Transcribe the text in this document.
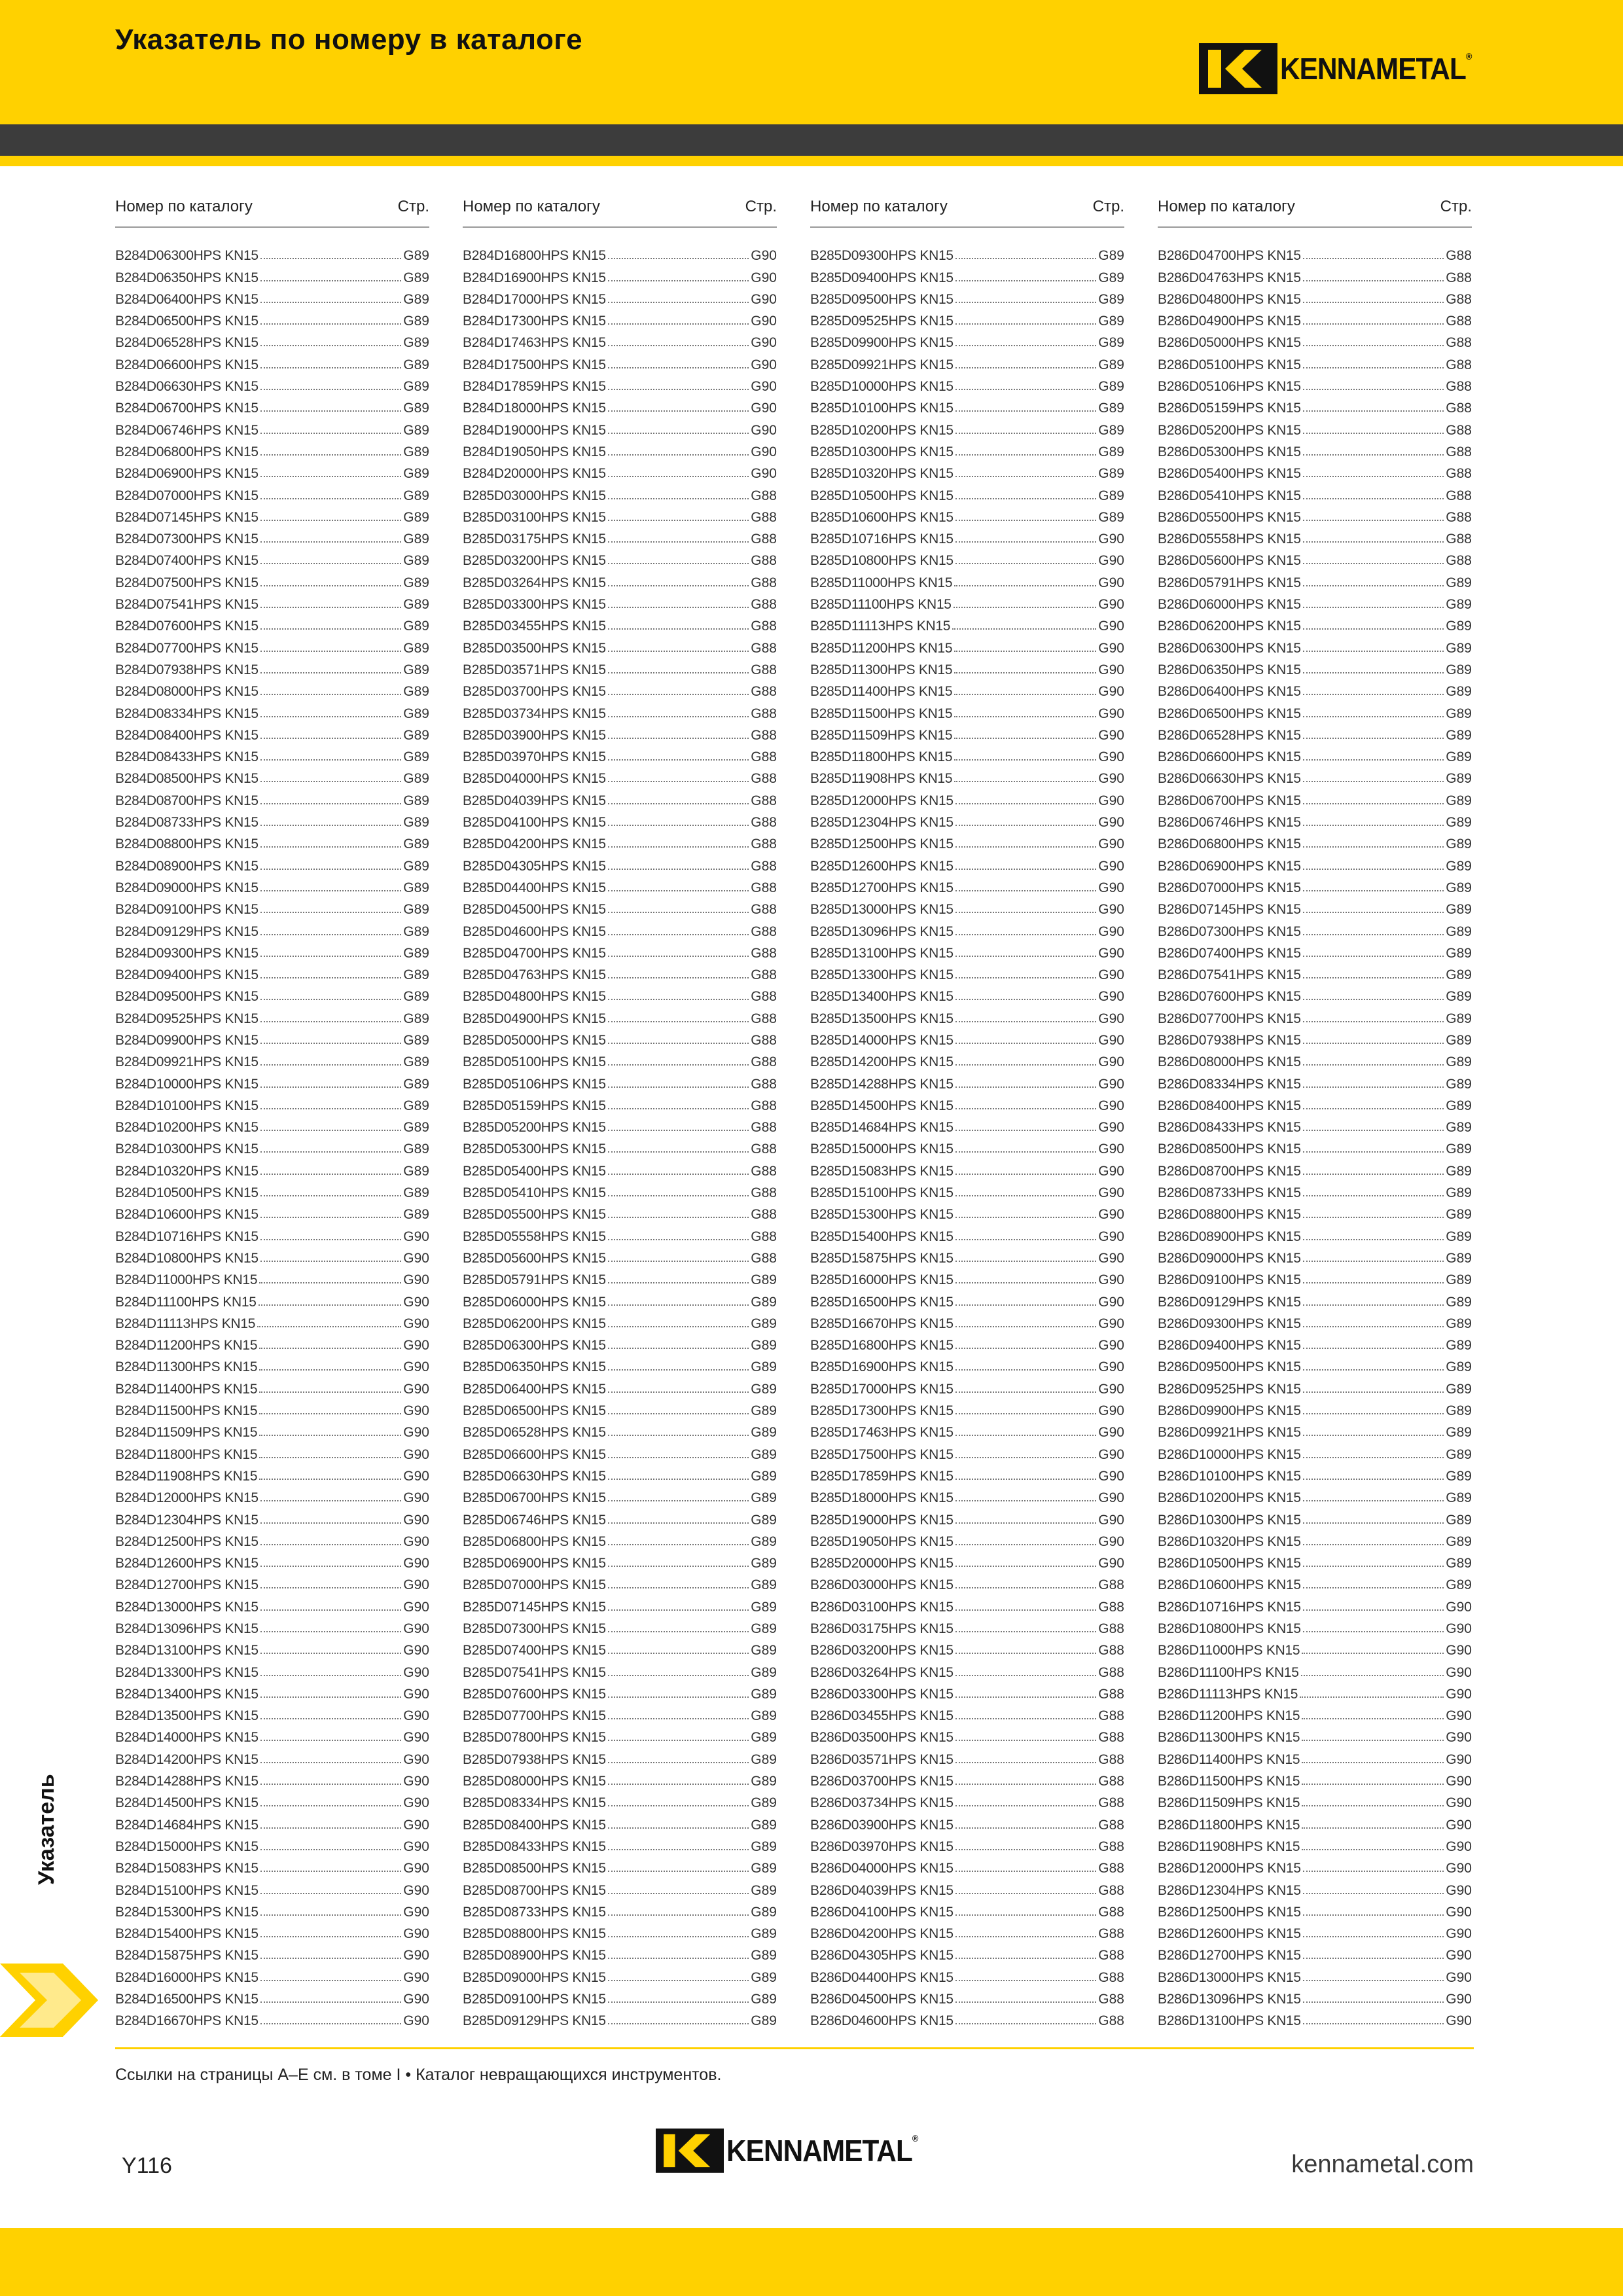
Указатель по номеру в каталоге
KENNAMETAL®
Номер по каталогу	Стр.
B284D06300HPS KN15	G89
B284D06350HPS KN15	G89
B284D06400HPS KN15	G89
B284D06500HPS KN15	G89
B284D06528HPS KN15	G89
B284D06600HPS KN15	G89
B284D06630HPS KN15	G89
B284D06700HPS KN15	G89
B284D06746HPS KN15	G89
B284D06800HPS KN15	G89
B284D06900HPS KN15	G89
B284D07000HPS KN15	G89
B284D07145HPS KN15	G89
B284D07300HPS KN15	G89
B284D07400HPS KN15	G89
B284D07500HPS KN15	G89
B284D07541HPS KN15	G89
B284D07600HPS KN15	G89
B284D07700HPS KN15	G89
B284D07938HPS KN15	G89
B284D08000HPS KN15	G89
B284D08334HPS KN15	G89
B284D08400HPS KN15	G89
B284D08433HPS KN15	G89
B284D08500HPS KN15	G89
B284D08700HPS KN15	G89
B284D08733HPS KN15	G89
B284D08800HPS KN15	G89
B284D08900HPS KN15	G89
B284D09000HPS KN15	G89
B284D09100HPS KN15	G89
B284D09129HPS KN15	G89
B284D09300HPS KN15	G89
B284D09400HPS KN15	G89
B284D09500HPS KN15	G89
B284D09525HPS KN15	G89
B284D09900HPS KN15	G89
B284D09921HPS KN15	G89
B284D10000HPS KN15	G89
B284D10100HPS KN15	G89
B284D10200HPS KN15	G89
B284D10300HPS KN15	G89
B284D10320HPS KN15	G89
B284D10500HPS KN15	G89
B284D10600HPS KN15	G89
B284D10716HPS KN15	G90
B284D10800HPS KN15	G90
B284D11000HPS KN15	G90
B284D11100HPS KN15	G90
B284D11113HPS KN15	G90
B284D11200HPS KN15	G90
B284D11300HPS KN15	G90
B284D11400HPS KN15	G90
B284D11500HPS KN15	G90
B284D11509HPS KN15	G90
B284D11800HPS KN15	G90
B284D11908HPS KN15	G90
B284D12000HPS KN15	G90
B284D12304HPS KN15	G90
B284D12500HPS KN15	G90
B284D12600HPS KN15	G90
B284D12700HPS KN15	G90
B284D13000HPS KN15	G90
B284D13096HPS KN15	G90
B284D13100HPS KN15	G90
B284D13300HPS KN15	G90
B284D13400HPS KN15	G90
B284D13500HPS KN15	G90
B284D14000HPS KN15	G90
B284D14200HPS KN15	G90
B284D14288HPS KN15	G90
B284D14500HPS KN15	G90
B284D14684HPS KN15	G90
B284D15000HPS KN15	G90
B284D15083HPS KN15	G90
B284D15100HPS KN15	G90
B284D15300HPS KN15	G90
B284D15400HPS KN15	G90
B284D15875HPS KN15	G90
B284D16000HPS KN15	G90
B284D16500HPS KN15	G90
B284D16670HPS KN15	G90
Номер по каталогу	Стр.
B284D16800HPS KN15	G90
B284D16900HPS KN15	G90
B284D17000HPS KN15	G90
B284D17300HPS KN15	G90
B284D17463HPS KN15	G90
B284D17500HPS KN15	G90
B284D17859HPS KN15	G90
B284D18000HPS KN15	G90
B284D19000HPS KN15	G90
B284D19050HPS KN15	G90
B284D20000HPS KN15	G90
B285D03000HPS KN15	G88
B285D03100HPS KN15	G88
B285D03175HPS KN15	G88
B285D03200HPS KN15	G88
B285D03264HPS KN15	G88
B285D03300HPS KN15	G88
B285D03455HPS KN15	G88
B285D03500HPS KN15	G88
B285D03571HPS KN15	G88
B285D03700HPS KN15	G88
B285D03734HPS KN15	G88
B285D03900HPS KN15	G88
B285D03970HPS KN15	G88
B285D04000HPS KN15	G88
B285D04039HPS KN15	G88
B285D04100HPS KN15	G88
B285D04200HPS KN15	G88
B285D04305HPS KN15	G88
B285D04400HPS KN15	G88
B285D04500HPS KN15	G88
B285D04600HPS KN15	G88
B285D04700HPS KN15	G88
B285D04763HPS KN15	G88
B285D04800HPS KN15	G88
B285D04900HPS KN15	G88
B285D05000HPS KN15	G88
B285D05100HPS KN15	G88
B285D05106HPS KN15	G88
B285D05159HPS KN15	G88
B285D05200HPS KN15	G88
B285D05300HPS KN15	G88
B285D05400HPS KN15	G88
B285D05410HPS KN15	G88
B285D05500HPS KN15	G88
B285D05558HPS KN15	G88
B285D05600HPS KN15	G88
B285D05791HPS KN15	G89
B285D06000HPS KN15	G89
B285D06200HPS KN15	G89
B285D06300HPS KN15	G89
B285D06350HPS KN15	G89
B285D06400HPS KN15	G89
B285D06500HPS KN15	G89
B285D06528HPS KN15	G89
B285D06600HPS KN15	G89
B285D06630HPS KN15	G89
B285D06700HPS KN15	G89
B285D06746HPS KN15	G89
B285D06800HPS KN15	G89
B285D06900HPS KN15	G89
B285D07000HPS KN15	G89
B285D07145HPS KN15	G89
B285D07300HPS KN15	G89
B285D07400HPS KN15	G89
B285D07541HPS KN15	G89
B285D07600HPS KN15	G89
B285D07700HPS KN15	G89
B285D07800HPS KN15	G89
B285D07938HPS KN15	G89
B285D08000HPS KN15	G89
B285D08334HPS KN15	G89
B285D08400HPS KN15	G89
B285D08433HPS KN15	G89
B285D08500HPS KN15	G89
B285D08700HPS KN15	G89
B285D08733HPS KN15	G89
B285D08800HPS KN15	G89
B285D08900HPS KN15	G89
B285D09000HPS KN15	G89
B285D09100HPS KN15	G89
B285D09129HPS KN15	G89
Номер по каталогу	Стр.
B285D09300HPS KN15	G89
B285D09400HPS KN15	G89
B285D09500HPS KN15	G89
B285D09525HPS KN15	G89
B285D09900HPS KN15	G89
B285D09921HPS KN15	G89
B285D10000HPS KN15	G89
B285D10100HPS KN15	G89
B285D10200HPS KN15	G89
B285D10300HPS KN15	G89
B285D10320HPS KN15	G89
B285D10500HPS KN15	G89
B285D10600HPS KN15	G89
B285D10716HPS KN15	G90
B285D10800HPS KN15	G90
B285D11000HPS KN15	G90
B285D11100HPS KN15	G90
B285D11113HPS KN15	G90
B285D11200HPS KN15	G90
B285D11300HPS KN15	G90
B285D11400HPS KN15	G90
B285D11500HPS KN15	G90
B285D11509HPS KN15	G90
B285D11800HPS KN15	G90
B285D11908HPS KN15	G90
B285D12000HPS KN15	G90
B285D12304HPS KN15	G90
B285D12500HPS KN15	G90
B285D12600HPS KN15	G90
B285D12700HPS KN15	G90
B285D13000HPS KN15	G90
B285D13096HPS KN15	G90
B285D13100HPS KN15	G90
B285D13300HPS KN15	G90
B285D13400HPS KN15	G90
B285D13500HPS KN15	G90
B285D14000HPS KN15	G90
B285D14200HPS KN15	G90
B285D14288HPS KN15	G90
B285D14500HPS KN15	G90
B285D14684HPS KN15	G90
B285D15000HPS KN15	G90
B285D15083HPS KN15	G90
B285D15100HPS KN15	G90
B285D15300HPS KN15	G90
B285D15400HPS KN15	G90
B285D15875HPS KN15	G90
B285D16000HPS KN15	G90
B285D16500HPS KN15	G90
B285D16670HPS KN15	G90
B285D16800HPS KN15	G90
B285D16900HPS KN15	G90
B285D17000HPS KN15	G90
B285D17300HPS KN15	G90
B285D17463HPS KN15	G90
B285D17500HPS KN15	G90
B285D17859HPS KN15	G90
B285D18000HPS KN15	G90
B285D19000HPS KN15	G90
B285D19050HPS KN15	G90
B285D20000HPS KN15	G90
B286D03000HPS KN15	G88
B286D03100HPS KN15	G88
B286D03175HPS KN15	G88
B286D03200HPS KN15	G88
B286D03264HPS KN15	G88
B286D03300HPS KN15	G88
B286D03455HPS KN15	G88
B286D03500HPS KN15	G88
B286D03571HPS KN15	G88
B286D03700HPS KN15	G88
B286D03734HPS KN15	G88
B286D03900HPS KN15	G88
B286D03970HPS KN15	G88
B286D04000HPS KN15	G88
B286D04039HPS KN15	G88
B286D04100HPS KN15	G88
B286D04200HPS KN15	G88
B286D04305HPS KN15	G88
B286D04400HPS KN15	G88
B286D04500HPS KN15	G88
B286D04600HPS KN15	G88
Номер по каталогу	Стр.
B286D04700HPS KN15	G88
B286D04763HPS KN15	G88
B286D04800HPS KN15	G88
B286D04900HPS KN15	G88
B286D05000HPS KN15	G88
B286D05100HPS KN15	G88
B286D05106HPS KN15	G88
B286D05159HPS KN15	G88
B286D05200HPS KN15	G88
B286D05300HPS KN15	G88
B286D05400HPS KN15	G88
B286D05410HPS KN15	G88
B286D05500HPS KN15	G88
B286D05558HPS KN15	G88
B286D05600HPS KN15	G88
B286D05791HPS KN15	G89
B286D06000HPS KN15	G89
B286D06200HPS KN15	G89
B286D06300HPS KN15	G89
B286D06350HPS KN15	G89
B286D06400HPS KN15	G89
B286D06500HPS KN15	G89
B286D06528HPS KN15	G89
B286D06600HPS KN15	G89
B286D06630HPS KN15	G89
B286D06700HPS KN15	G89
B286D06746HPS KN15	G89
B286D06800HPS KN15	G89
B286D06900HPS KN15	G89
B286D07000HPS KN15	G89
B286D07145HPS KN15	G89
B286D07300HPS KN15	G89
B286D07400HPS KN15	G89
B286D07541HPS KN15	G89
B286D07600HPS KN15	G89
B286D07700HPS KN15	G89
B286D07938HPS KN15	G89
B286D08000HPS KN15	G89
B286D08334HPS KN15	G89
B286D08400HPS KN15	G89
B286D08433HPS KN15	G89
B286D08500HPS KN15	G89
B286D08700HPS KN15	G89
B286D08733HPS KN15	G89
B286D08800HPS KN15	G89
B286D08900HPS KN15	G89
B286D09000HPS KN15	G89
B286D09100HPS KN15	G89
B286D09129HPS KN15	G89
B286D09300HPS KN15	G89
B286D09400HPS KN15	G89
B286D09500HPS KN15	G89
B286D09525HPS KN15	G89
B286D09900HPS KN15	G89
B286D09921HPS KN15	G89
B286D10000HPS KN15	G89
B286D10100HPS KN15	G89
B286D10200HPS KN15	G89
B286D10300HPS KN15	G89
B286D10320HPS KN15	G89
B286D10500HPS KN15	G89
B286D10600HPS KN15	G89
B286D10716HPS KN15	G90
B286D10800HPS KN15	G90
B286D11000HPS KN15	G90
B286D11100HPS KN15	G90
B286D11113HPS KN15	G90
B286D11200HPS KN15	G90
B286D11300HPS KN15	G90
B286D11400HPS KN15	G90
B286D11500HPS KN15	G90
B286D11509HPS KN15	G90
B286D11800HPS KN15	G90
B286D11908HPS KN15	G90
B286D12000HPS KN15	G90
B286D12304HPS KN15	G90
B286D12500HPS KN15	G90
B286D12600HPS KN15	G90
B286D12700HPS KN15	G90
B286D13000HPS KN15	G90
B286D13096HPS KN15	G90
B286D13100HPS KN15	G90
Указатель

Ссылки на страницы A–E см. в томе I • Каталог невращающихся инструментов.

Y116	KENNAMETAL®
kennametal.com
